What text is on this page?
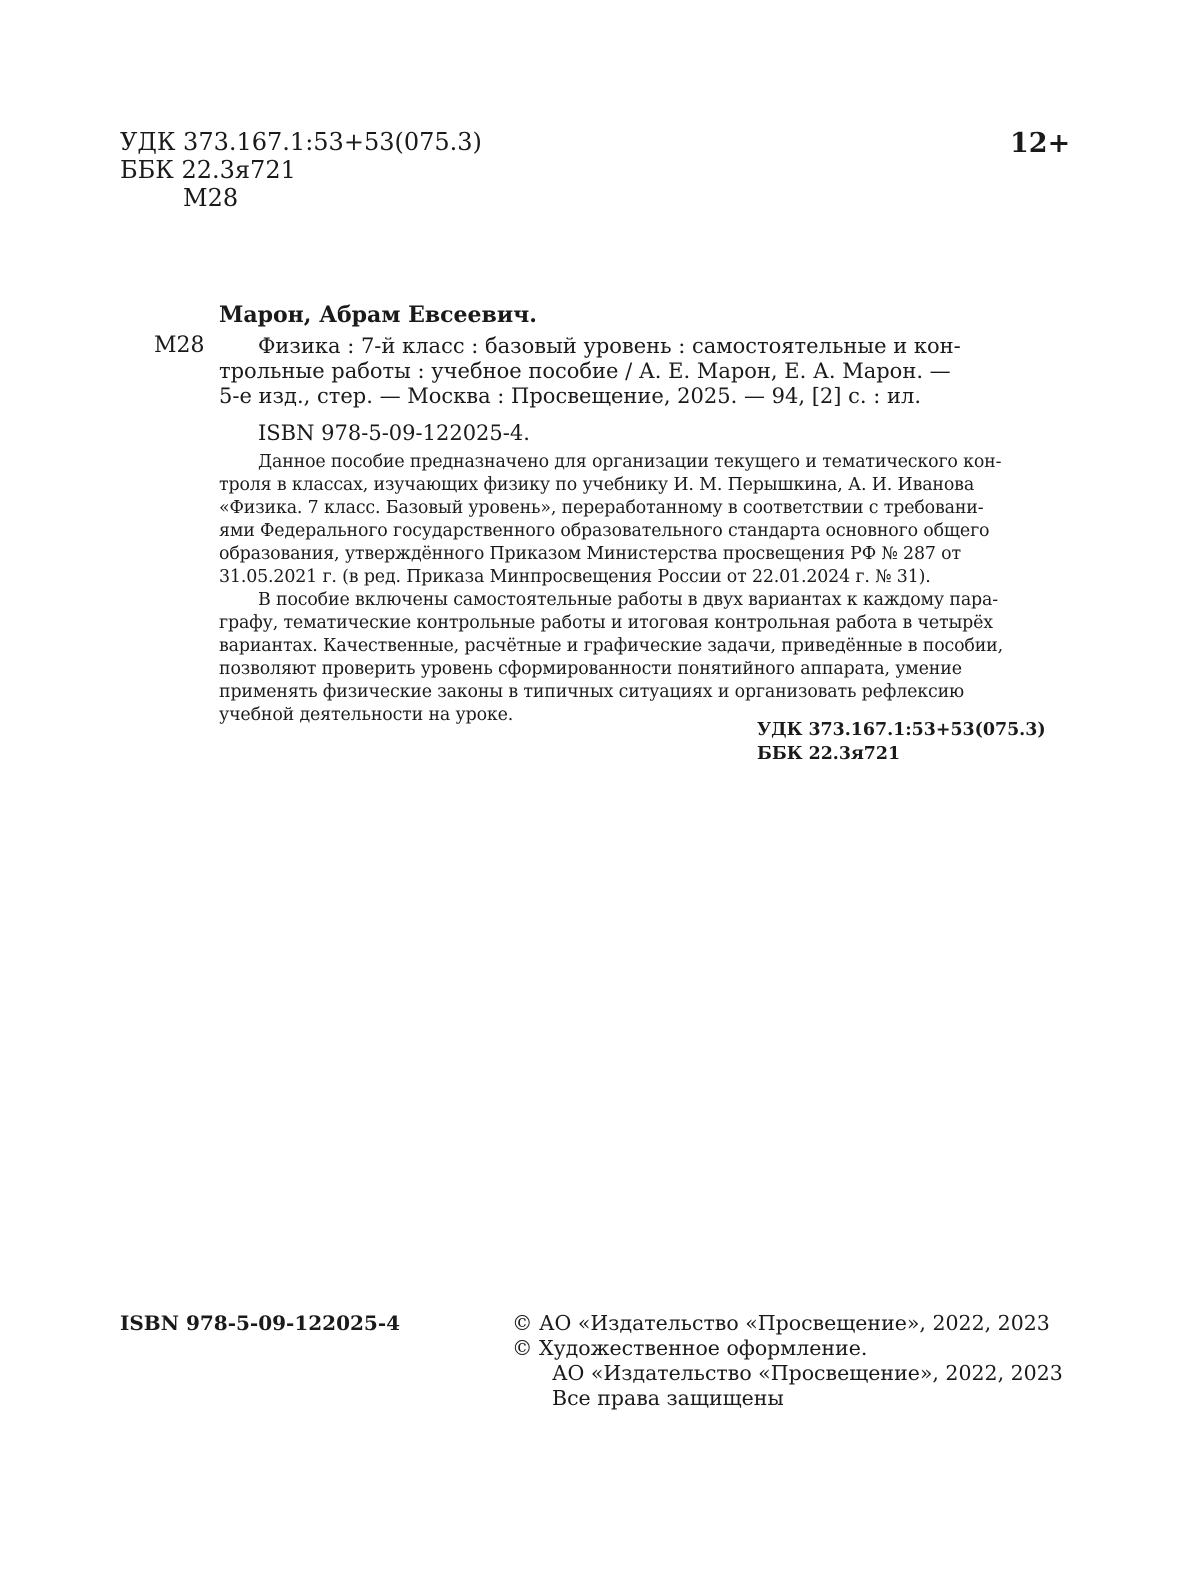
УДК 373.167.1:53+53(075.3)
ББК 22.3я721
М28
12+
Марон, Абрам Евсеевич.
М28	Физика : 7-й класс : базовый уровень : самостоятельные и кон-
трольные работы : учебное пособие / А. Е. Марон, Е. А. Марон. —
5-е изд., стер. — Москва : Просвещение, 2025. — 94, [2] с. : ил.
ISBN 978-5-09-122025-4.
Данное пособие предназначено для организации текущего и тематического кон-
троля в классах, изучающих физику по учебнику И. М. Перышкина, А. И. Иванова
«Физика. 7 класс. Базовый уровень», переработанному в соответствии с требовани-
ями Федерального государственного образовательного стандарта основного общего
образования, утверждённого Приказом Министерства просвещения РФ № 287 от
31.05.2021 г. (в ред. Приказа Минпросвещения России от 22.01.2024 г. № 31).
В пособие включены самостоятельные работы в двух вариантах к каждому пара-
графу, тематические контрольные работы и итоговая контрольная работа в четырёх
вариантах. Качественные, расчётные и графические задачи, приведённые в пособии,
позволяют проверить уровень сформированности понятийного аппарата, умение
применять физические законы в типичных ситуациях и организовать рефлексию
учебной деятельности на уроке.
УДК 373.167.1:53+53(075.3)
ББК 22.3я721
ISBN 978-5-09-122025-4	© АО «Издательство «Просвещение», 2022, 2023
© Художественное оформление.
АО «Издательство «Просвещение», 2022, 2023
Все права защищены
